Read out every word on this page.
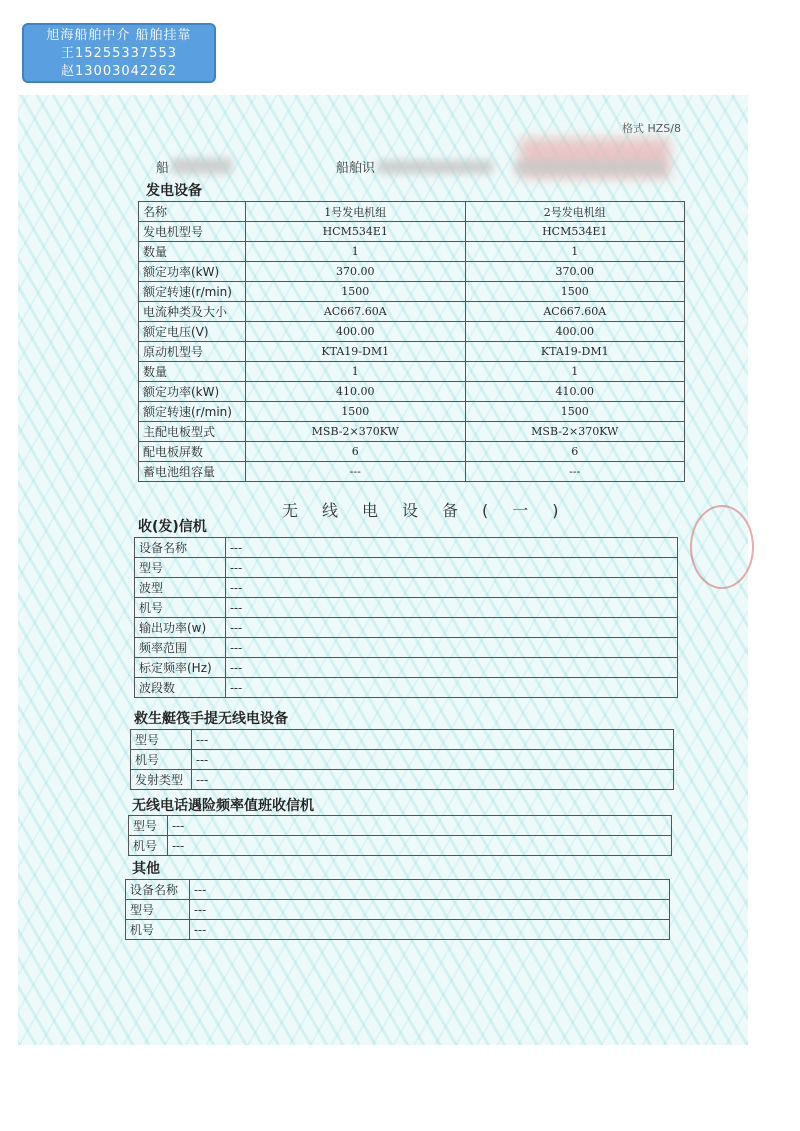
旭海船舶中介 船舶挂靠
王15255337553
赵13003042262
格式 HZS/8
船	船舶识
发电设备
名称	1号发电机组	2号发电机组
发电机型号	HCM534E1	HCM534E1
数量	1	1
额定功率(kW)	370.00	370.00
额定转速(r/min)	1500	1500
电流种类及大小	AC667.60A	AC667.60A
额定电压(V)	400.00	400.00
原动机型号	KTA19-DM1	KTA19-DM1
数量	1	1
额定功率(kW)	410.00	410.00
额定转速(r/min)	1500	1500
主配电板型式	MSB-2×370KW	MSB-2×370KW
配电板屏数	6	6
蓄电池组容量	---	---
无线电设备(一)
收(发)信机
设备名称	---
型号	---
波型	---
机号	---
输出功率(w)	---
频率范围	---
标定频率(Hz)	---
波段数	---
救生艇筏手提无线电设备
型号	---
机号	---
发射类型	---
无线电话遇险频率值班收信机
型号	---
机号	---
其他
设备名称	---
型号	---
机号	---
